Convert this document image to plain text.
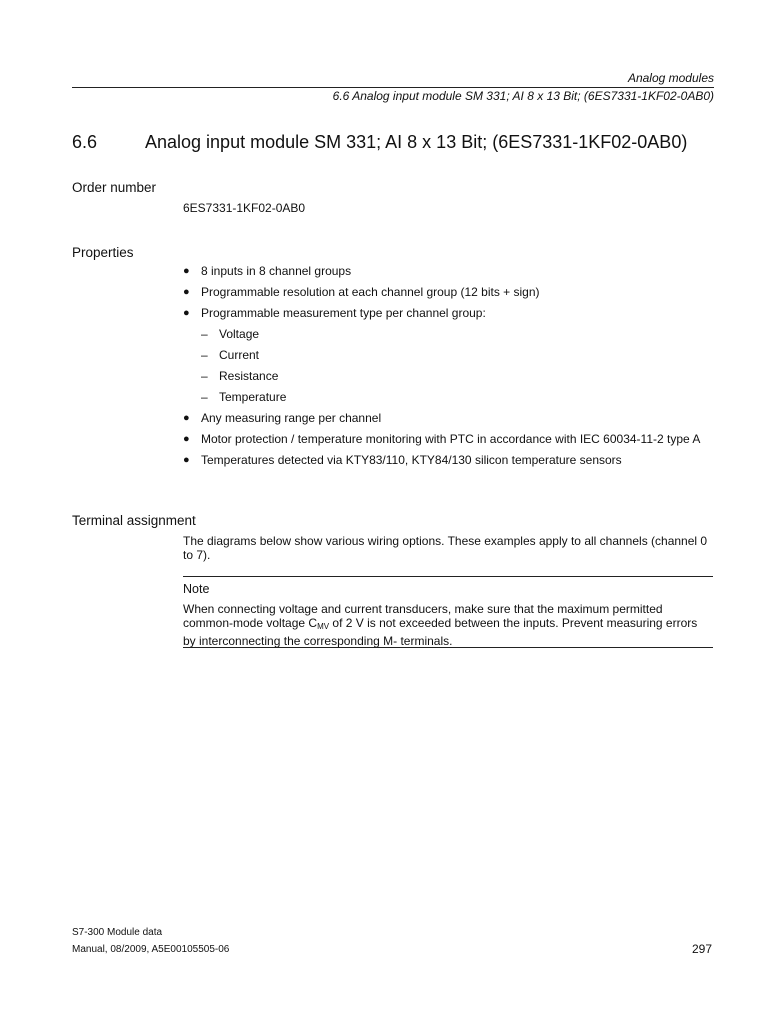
Analog modules
6.6 Analog input module SM 331; AI 8 x 13 Bit; (6ES7331-1KF02-0AB0)
6.6	Analog input module SM 331; AI 8 x 13 Bit; (6ES7331-1KF02-0AB0)
Order number
6ES7331-1KF02-0AB0
Properties
● 8 inputs in 8 channel groups
● Programmable resolution at each channel group (12 bits + sign)
● Programmable measurement type per channel group:
– Voltage
– Current
– Resistance
– Temperature
● Any measuring range per channel
● Motor protection / temperature monitoring with PTC in accordance with IEC 60034-11-2 type A
● Temperatures detected via KTY83/110, KTY84/130 silicon temperature sensors
Terminal assignment
The diagrams below show various wiring options. These examples apply to all channels (channel 0 to 7).
Note
When connecting voltage and current transducers, make sure that the maximum permitted common-mode voltage $C_{MV}$ of 2 V is not exceeded between the inputs. Prevent measuring errors by interconnecting the corresponding M- terminals.
S7-300 Module data
Manual, 08/2009, A5E00105505-06	297
